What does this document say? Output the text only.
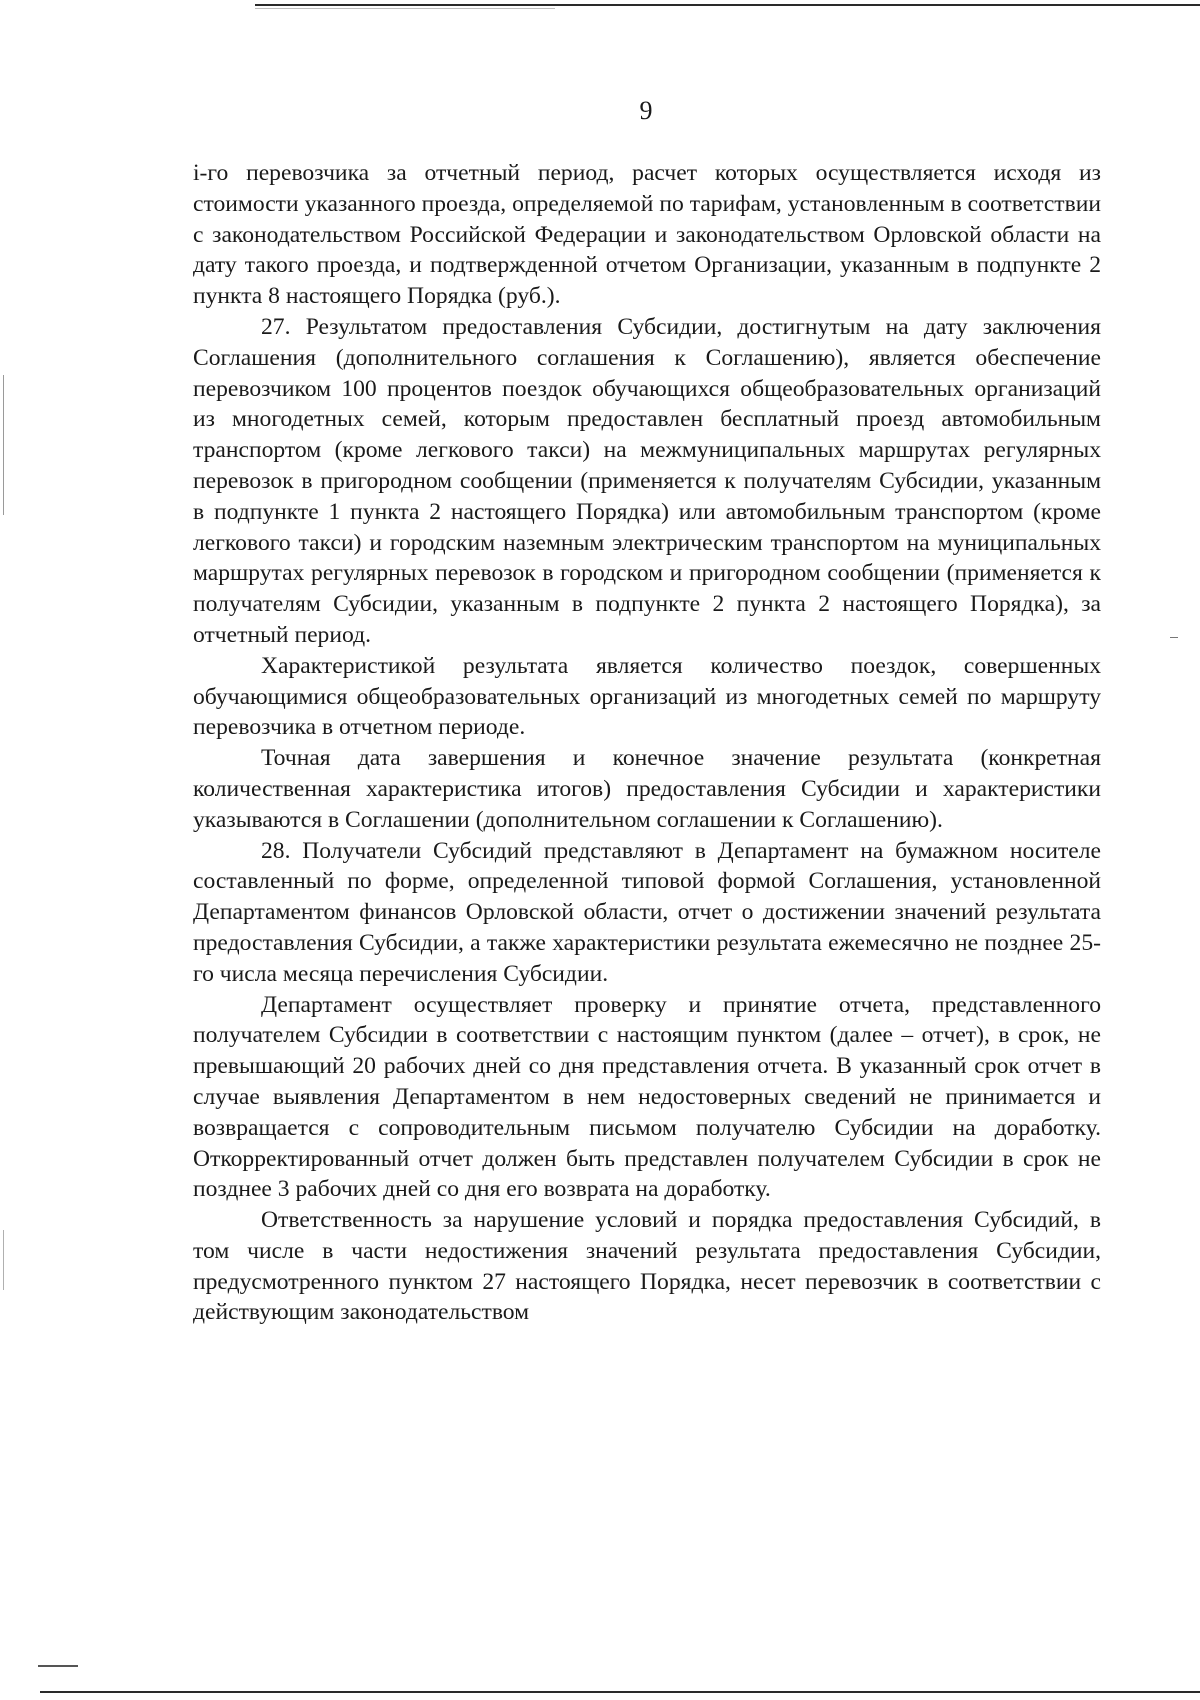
9

i-го перевозчика за отчетный период, расчет которых осуществляется исходя из стоимости указанного проезда, определяемой по тарифам, установленным в соответствии с законодательством Российской Федерации и законодательством Орловской области на дату такого проезда, и подтвержденной отчетом Организации, указанным в подпункте 2 пункта 8 настоящего Порядка (руб.).

27. Результатом предоставления Субсидии, достигнутым на дату заключения Соглашения (дополнительного соглашения к Соглашению), является обеспечение перевозчиком 100 процентов поездок обучающихся общеобразовательных организаций из многодетных семей, которым предоставлен бесплатный проезд автомобильным транспортом (кроме легкового такси) на межмуниципальных маршрутах регулярных перевозок в пригородном сообщении (применяется к получателям Субсидии, указанным в подпункте 1 пункта 2 настоящего Порядка) или автомобильным транспортом (кроме легкового такси) и городским наземным электрическим транспортом на муниципальных маршрутах регулярных перевозок в городском и пригородном сообщении (применяется к получателям Субсидии, указанным в подпункте 2 пункта 2 настоящего Порядка), за отчетный период.

Характеристикой результата является количество поездок, совершенных обучающимися общеобразовательных организаций из многодетных семей по маршруту перевозчика в отчетном периоде.

Точная дата завершения и конечное значение результата (конкретная количественная характеристика итогов) предоставления Субсидии и характеристики указываются в Соглашении (дополнительном соглашении к Соглашению).

28. Получатели Субсидий представляют в Департамент на бумажном носителе составленный по форме, определенной типовой формой Соглашения, установленной Департаментом финансов Орловской области, отчет о достижении значений результата предоставления Субсидии, а также характеристики результата ежемесячно не позднее 25-го числа месяца перечисления Субсидии.

Департамент осуществляет проверку и принятие отчета, представленного получателем Субсидии в соответствии с настоящим пунктом (далее – отчет), в срок, не превышающий 20 рабочих дней со дня представления отчета. В указанный срок отчет в случае выявления Департаментом в нем недостоверных сведений не принимается и возвращается с сопроводительным письмом получателю Субсидии на доработку. Откорректированный отчет должен быть представлен получателем Субсидии в срок не позднее 3 рабочих дней со дня его возврата на доработку.

Ответственность за нарушение условий и порядка предоставления Субсидий, в том числе в части недостижения значений результата предоставления Субсидии, предусмотренного пунктом 27 настоящего Порядка, несет перевозчик в соответствии с действующим законодательством
